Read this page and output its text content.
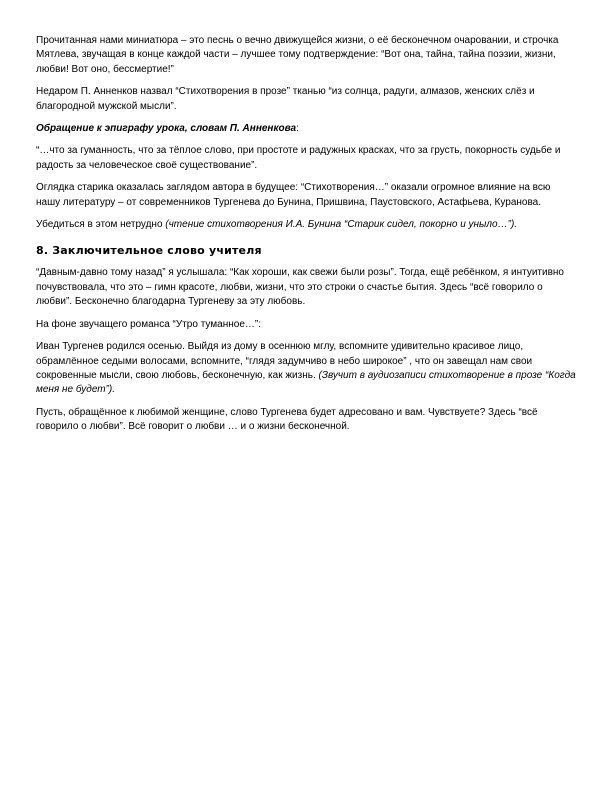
Прочитанная нами миниатюра – это песнь о вечно движущейся жизни, о её бесконечном очаровании, и строчка Мятлева, звучащая в конце каждой части – лучшее тому подтверждение: “Вот она, тайна, тайна поэзии, жизни, любви! Вот оно, бессмертие!”

Недаром П. Анненков назвал “Стихотворения в прозе” тканью “из солнца, радуги, алмазов, женских слёз и благородной мужской мысли”.

Обращение к эпиграфу урока, словам П. Анненкова:

“…что за гуманность, что за тёплое слово, при простоте и радужных красках, что за грусть, покорность судьбе и радость за человеческое своё существование”.

Оглядка старика оказалась заглядом автора в будущее: “Стихотворения…” оказали огромное влияние на всю нашу литературу – от современников Тургенева до Бунина, Пришвина, Паустовского, Астафьева, Куранова.

Убедиться в этом нетрудно (чтение стихотворения И.А. Бунина “Старик сидел, покорно и уныло…”).

8. Заключительное слово учителя

“Давным-давно тому назад” я услышала: “Как хороши, как свежи были розы”. Тогда, ещё ребёнком, я интуитивно почувствовала, что это – гимн красоте, любви, жизни, что это строки о счастье бытия. Здесь “всё говорило о любви”. Бесконечно благодарна Тургеневу за эту любовь.

На фоне звучащего романса “Утро туманное…”:

Иван Тургенев родился осенью. Выйдя из дому в осеннюю мглу, вспомните удивительно красивое лицо, обрамлённое седыми волосами, вспомните, “глядя задумчиво в небо широкое” , что он завещал нам свои сокровенные мысли, свою любовь, бесконечную, как жизнь. (Звучит в аудиозаписи стихотворение в прозе “Когда меня не будет”).

Пусть, обращённое к любимой женщине, слово Тургенева будет адресовано и вам. Чувствуете? Здесь “всё говорило о любви”. Всё говорит о любви … и о жизни бесконечной.
